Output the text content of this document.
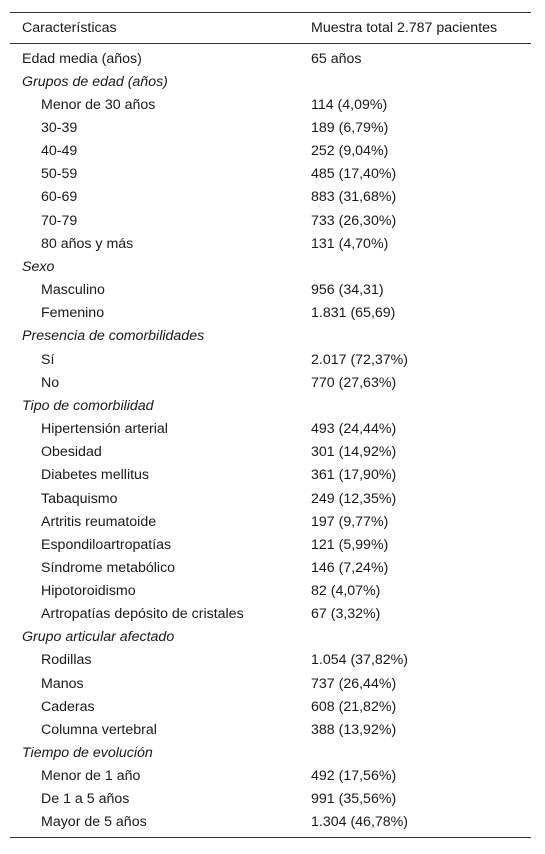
Características	Muestra total 2.787 pacientes
Edad media (años)	65 años
Grupos de edad (años)	
Menor de 30 años	114 (4,09%)
30-39	189 (6,79%)
40-49	252 (9,04%)
50-59	485 (17,40%)
60-69	883 (31,68%)
70-79	733 (26,30%)
80 años y más	131 (4,70%)
Sexo	
Masculino	956 (34,31)
Femenino	1.831 (65,69)
Presencia de comorbilidades	
Sí	2.017 (72,37%)
No	770 (27,63%)
Tipo de comorbilidad	
Hipertensión arterial	493 (24,44%)
Obesidad	301 (14,92%)
Diabetes mellitus	361 (17,90%)
Tabaquismo	249 (12,35%)
Artritis reumatoide	197 (9,77%)
Espondiloartropatías	121 (5,99%)
Síndrome metabólico	146 (7,24%)
Hipotoroidismo	82 (4,07%)
Artropatías depósito de cristales	67 (3,32%)
Grupo articular afectado	
Rodillas	1.054 (37,82%)
Manos	737 (26,44%)
Caderas	608 (21,82%)
Columna vertebral	388 (13,92%)
Tiempo de evolución	
Menor de 1 año	492 (17,56%)
De 1 a 5 años	991 (35,56%)
Mayor de 5 años	1.304 (46,78%)
